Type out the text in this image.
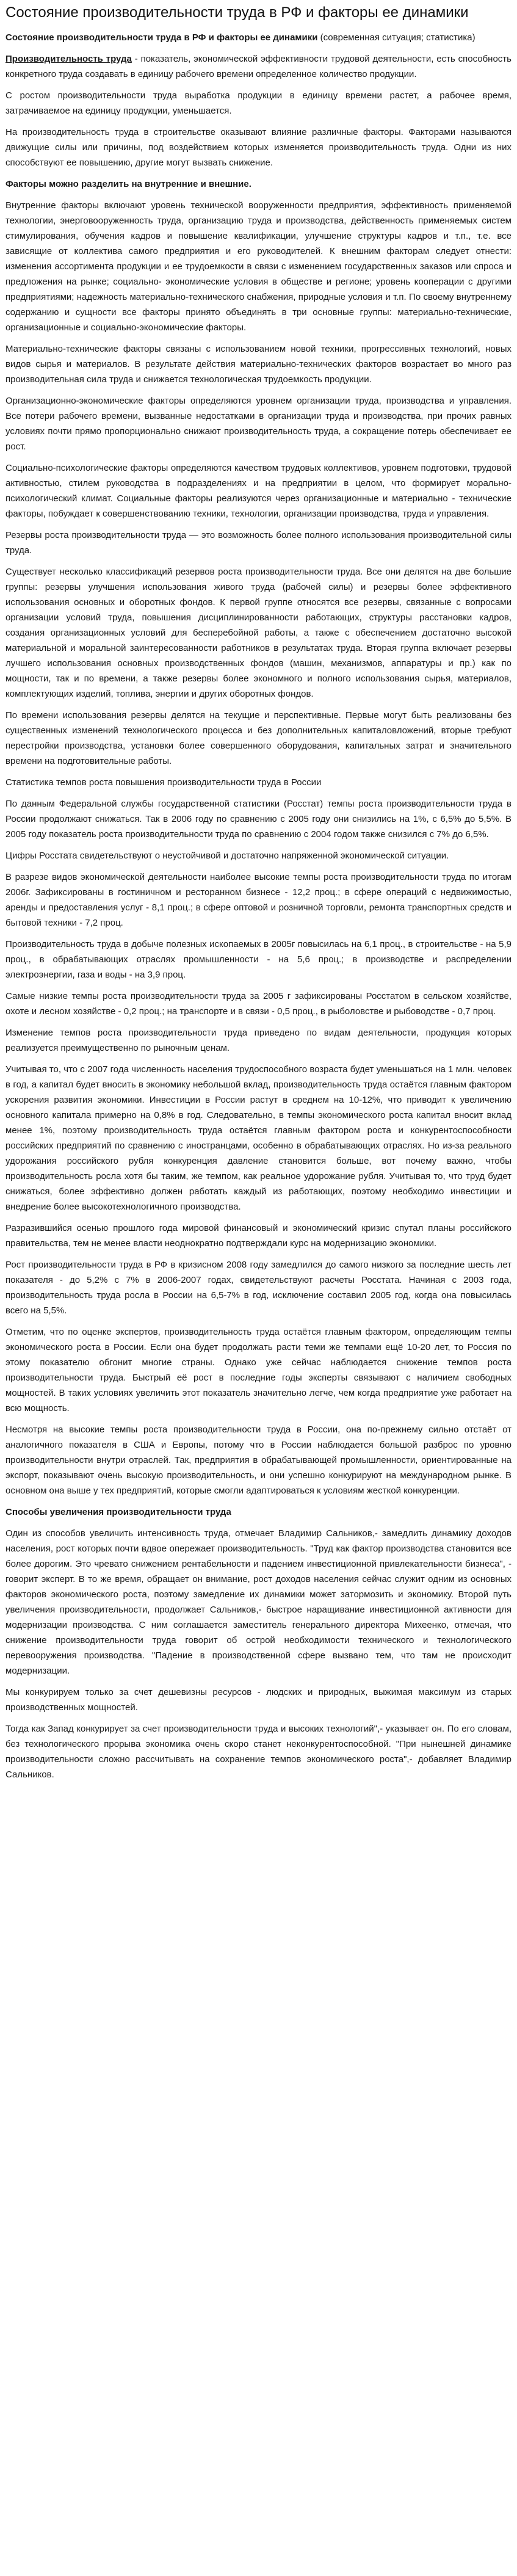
Состояние производительности труда в РФ и факторы ее динамики

Состояние производительности труда в РФ и факторы ее динамики (современная ситуация; статистика)

Производительность труда - показатель, экономической эффективности трудовой деятельности, есть способность конкретного труда создавать в единицу рабочего времени определенное количество продукции.

С ростом производительности труда выработка продукции в единицу времени растет, а рабочее время, затрачиваемое на единицу продукции, уменьшается.

На производительность труда в строительстве оказывают влияние различные факторы. Факторами называются движущие силы или причины, под воздействием которых изменяется производительность труда. Одни из них способствуют ее повышению, другие могут вызвать снижение.

Факторы можно разделить на внутренние и внешние.

Внутренние факторы включают уровень технической вооруженности предприятия, эффективность применяемой технологии, энерговооруженность труда, организацию труда и производства, действенность применяемых систем стимулирования, обучения кадров и повышение квалификации, улучшение структуры кадров и т.п., т.е. все зависящие от коллектива самого предприятия и его руководителей. К внешним факторам следует отнести: изменения ассортимента продукции и ее трудоемкости в связи с изменением государственных заказов или спроса и предложения на рынке; социально- экономические условия в обществе и регионе; уровень кооперации с другими предприятиями; надежность материально-технического снабжения, природные условия и т.п. По своему внутреннему содержанию и сущности все факторы принято объединять в три основные группы: материально-технические, организационные и социально-экономические факторы.

Материально-технические факторы связаны с использованием новой техники, прогрессивных технологий, новых видов сырья и материалов. В результате действия материально-технических факторов возрастает во много раз производительная сила труда и снижается технологическая трудоемкость продукции.

Организационно-экономические факторы определяются уровнем организации труда, производства и управления. Все потери рабочего времени, вызванные недостатками в организации труда и производства, при прочих равных условиях почти прямо пропорционально снижают производительность труда, а сокращение потерь обеспечивает ее рост.

Социально-психологические факторы определяются качеством трудовых коллективов, уровнем подготовки, трудовой активностью, стилем руководства в подразделениях и на предприятии в целом, что формирует морально- психологический климат. Социальные факторы реализуются через организационные и материально - технические факторы, побуждает к совершенствованию техники, технологии, организации производства, труда и управления.

Резервы роста производительности труда — это возможность более полного использования производительной силы труда.

Существует несколько классификаций резервов роста производительности труда. Все они делятся на две большие группы: резервы улучшения использования живого труда (рабочей силы) и резервы более эффективного использования основных и оборотных фондов. К первой группе относятся все резервы, связанные с вопросами организации условий труда, повышения дисциплинированности работающих, структуры расстановки кадров, создания организационных условий для бесперебойной работы, а также с обеспечением достаточно высокой материальной и моральной заинтересованности работников в результатах труда. Вторая группа включает резервы лучшего использования основных производственных фондов (машин, механизмов, аппаратуры и пр.) как по мощности, так и по времени, а также резервы более экономного и полного использования сырья, материалов, комплектующих изделий, топлива, энергии и других оборотных фондов.

По времени использования резервы делятся на текущие и перспективные. Первые могут быть реализованы без существенных изменений технологического процесса и без дополнительных капиталовложений, вторые требуют перестройки производства, установки более совершенного оборудования, капитальных затрат и значительного времени на подготовительные работы.

Статистика темпов роста повышения производительности труда в России

По данным Федеральной службы государственной статистики (Росстат) темпы роста производительности труда в России продолжают снижаться. Так в 2006 году по сравнению с 2005 году они снизились на 1%, с 6,5% до 5,5%. В 2005 году показатель роста производительности труда по сравнению с 2004 годом также снизился с 7% до 6,5%.

Цифры Росстата свидетельствуют о неустойчивой и достаточно напряженной экономической ситуации.

В разрезе видов экономической деятельности наиболее высокие темпы роста производительности труда по итогам 2006г. Зафиксированы в гостиничном и ресторанном бизнесе - 12,2 проц.; в сфере операций с недвижимостью, аренды и предоставления услуг - 8,1 проц.; в сфере оптовой и розничной торговли, ремонта транспортных средств и бытовой техники - 7,2 проц.

Производительность труда в добыче полезных ископаемых в 2005г повысилась на 6,1 проц., в строительстве - на 5,9 проц., в обрабатывающих отраслях промышленности - на 5,6 проц.; в производстве и распределении электроэнергии, газа и воды - на 3,9 проц.

Самые низкие темпы роста производительности труда за 2005 г зафиксированы Росстатом в сельском хозяйстве, охоте и лесном хозяйстве - 0,2 проц.; на транспорте и в связи - 0,5 проц., в рыболовстве и рыбоводстве - 0,7 проц.

Изменение темпов роста производительности труда приведено по видам деятельности, продукция которых реализуется преимущественно по рыночным ценам.

Учитывая то, что с 2007 года численность населения трудоспособного возраста будет уменьшаться на 1 млн. человек в год, а капитал будет вносить в экономику небольшой вклад, производительность труда остаётся главным фактором ускорения развития экономики. Инвестиции в России растут в среднем на 10-12%, что приводит к увеличению основного капитала примерно на 0,8% в год. Следовательно, в темпы экономического роста капитал вносит вклад менее 1%, поэтому производительность труда остаётся главным фактором роста и конкурентоспособности российских предприятий по сравнению с иностранцами, особенно в обрабатывающих отраслях. Но из-за реального удорожания российского рубля конкуренция давление становится больше, вот почему важно, чтобы производительность росла хотя бы таким, же темпом, как реальное удорожание рубля. Учитывая то, что труд будет снижаться, более эффективно должен работать каждый из работающих, поэтому необходимо инвестиции и внедрение более высокотехнологичного производства.

Разразившийся осенью прошлого года мировой финансовый и экономический кризис спутал планы российского правительства, тем не менее власти неоднократно подтверждали курс на модернизацию экономики.

Рост производительности труда в РФ в кризисном 2008 году замедлился до самого низкого за последние шесть лет показателя - до 5,2% с 7% в 2006-2007 годах, свидетельствуют расчеты Росстата. Начиная с 2003 года, производительность труда росла в России на 6,5-7% в год, исключение составил 2005 год, когда она повысилась всего на 5,5%.

Отметим, что по оценке экспертов, производительность труда остаётся главным фактором, определяющим темпы экономического роста в России. Если она будет продолжать расти теми же темпами ещё 10-20 лет, то Россия по этому показателю обгонит многие страны. Однако уже сейчас наблюдается снижение темпов роста производительности труда. Быстрый её рост в последние годы эксперты связывают с наличием свободных мощностей. В таких условиях увеличить этот показатель значительно легче, чем когда предприятие уже работает на всю мощность.

Несмотря на высокие темпы роста производительности труда в России, она по-прежнему сильно отстаёт от аналогичного показателя в США и Европы, потому что в России наблюдается большой разброс по уровню производительности внутри отраслей. Так, предприятия в обрабатывающей промышленности, ориентированные на экспорт, показывают очень высокую производительность, и они успешно конкурируют на международном рынке. В основном она выше у тех предприятий, которые смогли адаптироваться к условиям жесткой конкуренции.

Способы увеличения производительности труда

Один из способов увеличить интенсивность труда, отмечает Владимир Сальников,- замедлить динамику доходов населения, рост которых почти вдвое опережает производительность. "Труд как фактор производства становится все более дорогим. Это чревато снижением рентабельности и падением инвестиционной привлекательности бизнеса", - говорит эксперт. В то же время, обращает он внимание, рост доходов населения сейчас служит одним из основных факторов экономического роста, поэтому замедление их динамики может затормозить и экономику. Второй путь увеличения производительности, продолжает Сальников,- быстрое наращивание инвестиционной активности для модернизации производства. С ним соглашается заместитель генерального директора Михеенко, отмечая, что снижение производительности труда говорит об острой необходимости технического и технологического перевооружения производства. "Падение в производственной сфере вызвано тем, что там не происходит модернизации.

Мы конкурируем только за счет дешевизны ресурсов - людских и природных, выжимая максимум из старых производственных мощностей.

Тогда как Запад конкурирует за счет производительности труда и высоких технологий",- указывает он. По его словам, без технологического прорыва экономика очень скоро станет неконкурентоспособной. "При нынешней динамике производительности сложно рассчитывать на сохранение темпов экономического роста",- добавляет Владимир Сальников.
